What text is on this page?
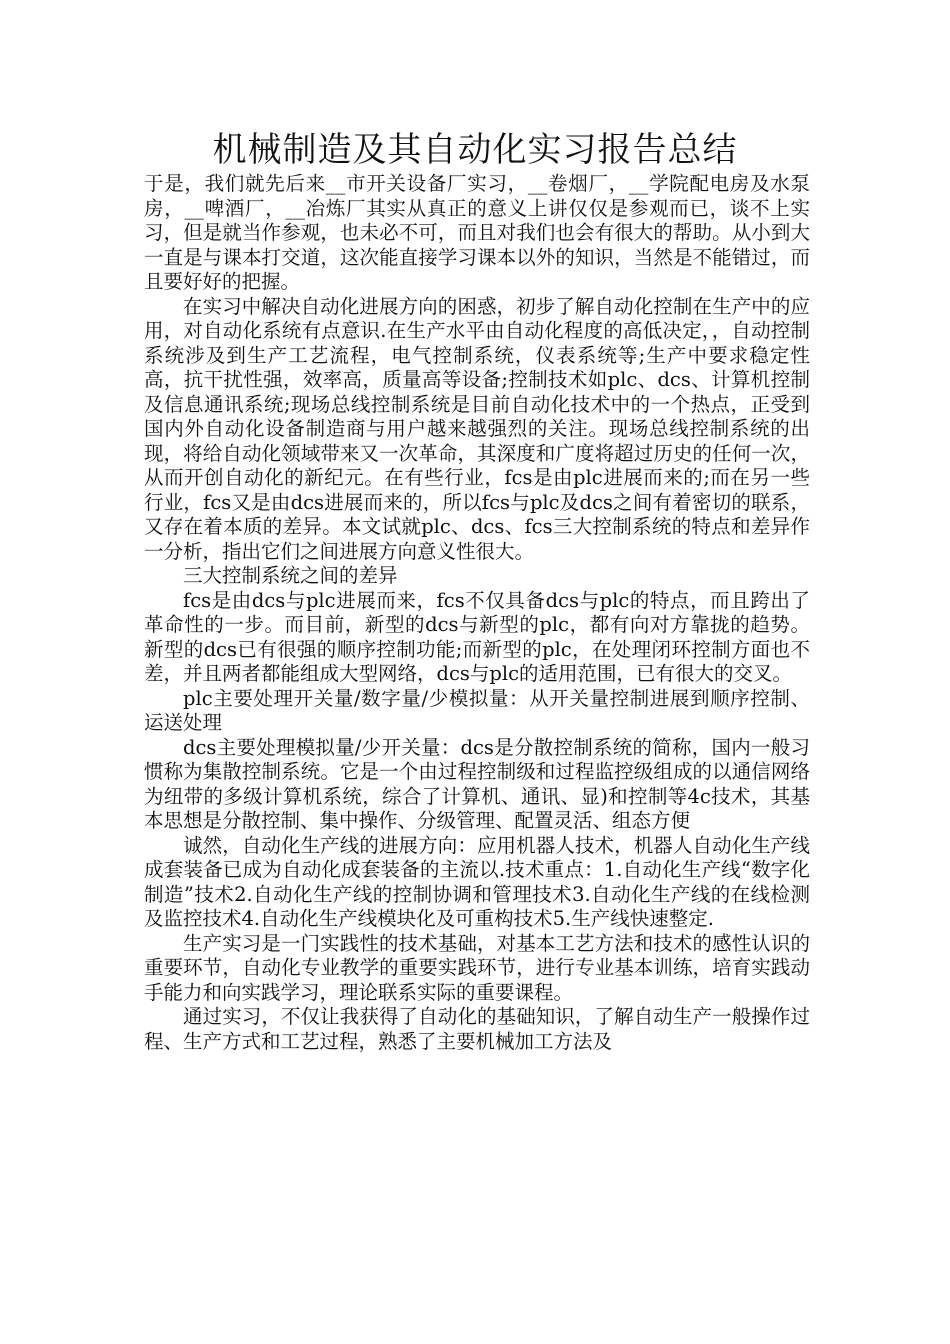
机械制造及其自动化实习报告总结

于是，我们就先后来__市开关设备厂实习，__卷烟厂，__学院配电房及水泵房，__啤酒厂，__冶炼厂其实从真正的意义上讲仅仅是参观而已，谈不上实习，但是就当作参观，也未必不可，而且对我们也会有很大的帮助。从小到大一直是与课本打交道，这次能直接学习课本以外的知识，当然是不能错过，而且要好好的把握。

在实习中解决自动化进展方向的困惑，初步了解自动化控制在生产中的应用，对自动化系统有点意识.在生产水平由自动化程度的高低决定，，自动控制系统涉及到生产工艺流程，电气控制系统，仪表系统等;生产中要求稳定性高，抗干扰性强，效率高，质量高等设备;控制技术如plc、dcs、计算机控制及信息通讯系统;现场总线控制系统是目前自动化技术中的一个热点，正受到国内外自动化设备制造商与用户越来越强烈的关注。现场总线控制系统的出现，将给自动化领域带来又一次革命，其深度和广度将超过历史的任何一次，从而开创自动化的新纪元。在有些行业，fcs是由plc进展而来的;而在另一些行业，fcs又是由dcs进展而来的，所以fcs与plc及dcs之间有着密切的联系，又存在着本质的差异。本文试就plc、dcs、fcs三大控制系统的特点和差异作一分析，指出它们之间进展方向意义性很大。

三大控制系统之间的差异

fcs是由dcs与plc进展而来，fcs不仅具备dcs与plc的特点，而且跨出了革命性的一步。而目前，新型的dcs与新型的plc，都有向对方靠拢的趋势。新型的dcs已有很强的顺序控制功能;而新型的plc，在处理闭环控制方面也不差，并且两者都能组成大型网络，dcs与plc的适用范围，已有很大的交叉。

plc主要处理开关量/数字量/少模拟量：从开关量控制进展到顺序控制、运送处理

dcs主要处理模拟量/少开关量：dcs是分散控制系统的简称，国内一般习惯称为集散控制系统。它是一个由过程控制级和过程监控级组成的以通信网络为纽带的多级计算机系统，综合了计算机、通讯、显)和控制等4c技术，其基本思想是分散控制、集中操作、分级管理、配置灵活、组态方便

诚然，自动化生产线的进展方向：应用机器人技术，机器人自动化生产线成套装备已成为自动化成套装备的主流以.技术重点：1.自动化生产线“数字化制造”技术2.自动化生产线的控制协调和管理技术3.自动化生产线的在线检测及监控技术4.自动化生产线模块化及可重构技术5.生产线快速整定.

生产实习是一门实践性的技术基础，对基本工艺方法和技术的感性认识的重要环节，自动化专业教学的重要实践环节，进行专业基本训练，培育实践动手能力和向实践学习，理论联系实际的重要课程。

通过实习，不仅让我获得了自动化的基础知识，了解自动生产一般操作过程、生产方式和工艺过程，熟悉了主要机械加工方法及
